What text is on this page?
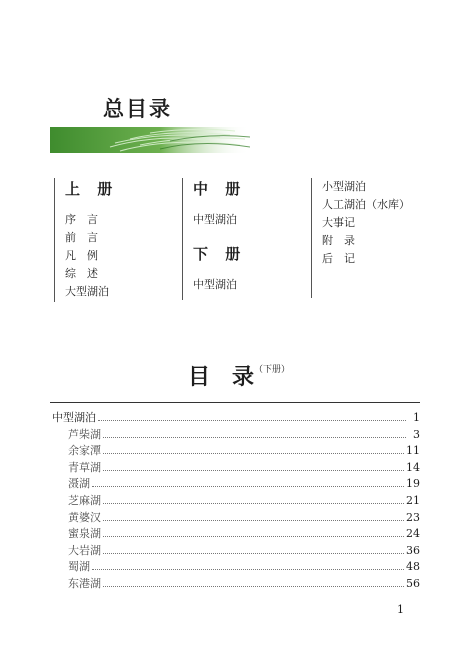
总目录
上 册
序　言
前　言
凡　例
综　述
大型湖泊
中 册
中型湖泊
下 册
中型湖泊
小型湖泊
人工湖泊（水库）
大事记
附　录
后　记
目 录$^{(下册)}$
中型湖泊	1
芦柴湖	3
余家潭	11
青草湖	14
滠湖	19
芝麻湖	21
黄婆汉	23
蜜泉湖	24
大岩湖	36
蜀湖	48
东港湖	56
1
